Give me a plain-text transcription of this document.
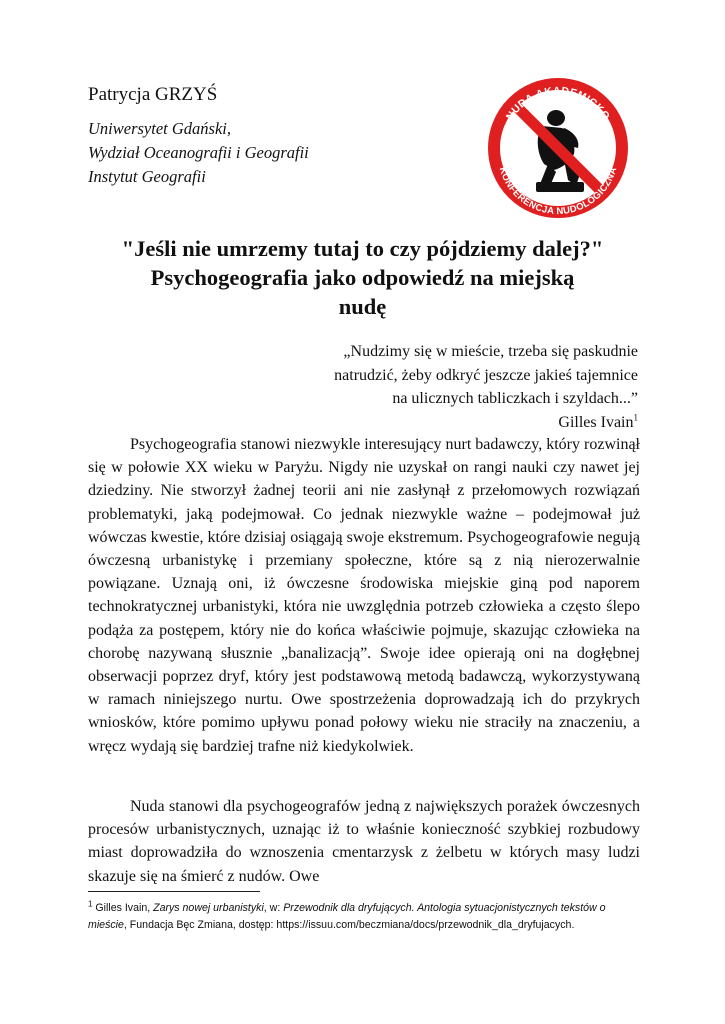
Patrycja GRZYŚ
Uniwersytet Gdański,
Wydział Oceanografii i Geografii
Instytut Geografii
NUDA AKADEMICKO
KONFERENCJA NUDOLOGICZNA
"Jeśli nie umrzemy tutaj to czy pójdziemy dalej?"
Psychogeografia jako odpowiedź na miejską
nudę
„Nudzimy się w mieście, trzeba się paskudnie
natrudzić, żeby odkryć jeszcze jakieś tajemnice
na ulicznych tabliczkach i szyldach...”
Gilles Ivain$^1$

Psychogeografia stanowi niezwykle interesujący nurt badawczy, który rozwinął się w połowie XX wieku w Paryżu. Nigdy nie uzyskał on rangi nauki czy nawet jej dziedziny. Nie stworzył żadnej teorii ani nie zasłynął z przełomowych rozwiązań problematyki, jaką podejmował. Co jednak niezwykle ważne – podejmował już wówczas kwestie, które dzisiaj osiągają swoje ekstremum. Psychogeografowie negują ówczesną urbanistykę i przemiany społeczne, które są z nią nierozerwalnie powiązane. Uznają oni, iż ówczesne środowiska miejskie giną pod naporem technokratycznej urbanistyki, która nie uwzględnia potrzeb człowieka a często ślepo podąża za postępem, który nie do końca właściwie pojmuje, skazując człowieka na chorobę nazywaną słusznie „banalizacją”. Swoje idee opierają oni na dogłębnej obserwacji poprzez dryf, który jest podstawową metodą badawczą, wykorzystywaną w ramach niniejszego nurtu. Owe spostrzeżenia doprowadzają ich do przykrych wniosków, które pomimo upływu ponad połowy wieku nie straciły na znaczeniu, a wręcz wydają się bardziej trafne niż kiedykolwiek.

Nuda stanowi dla psychogeografów jedną z największych porażek ówczesnych procesów urbanistycznych, uznając iż to właśnie konieczność szybkiej rozbudowy miast doprowadziła do wznoszenia cmentarzysk z żelbetu w których masy ludzi skazuje się na śmierć z nudów. Owe

$^1$ Gilles Ivain, Zarys nowej urbanistyki, w: Przewodnik dla dryfujących. Antologia sytuacjonistycznych tekstów o mieście, Fundacja Bęc Zmiana, dostęp: https://issuu.com/beczmiana/docs/przewodnik_dla_dryfujacych.
